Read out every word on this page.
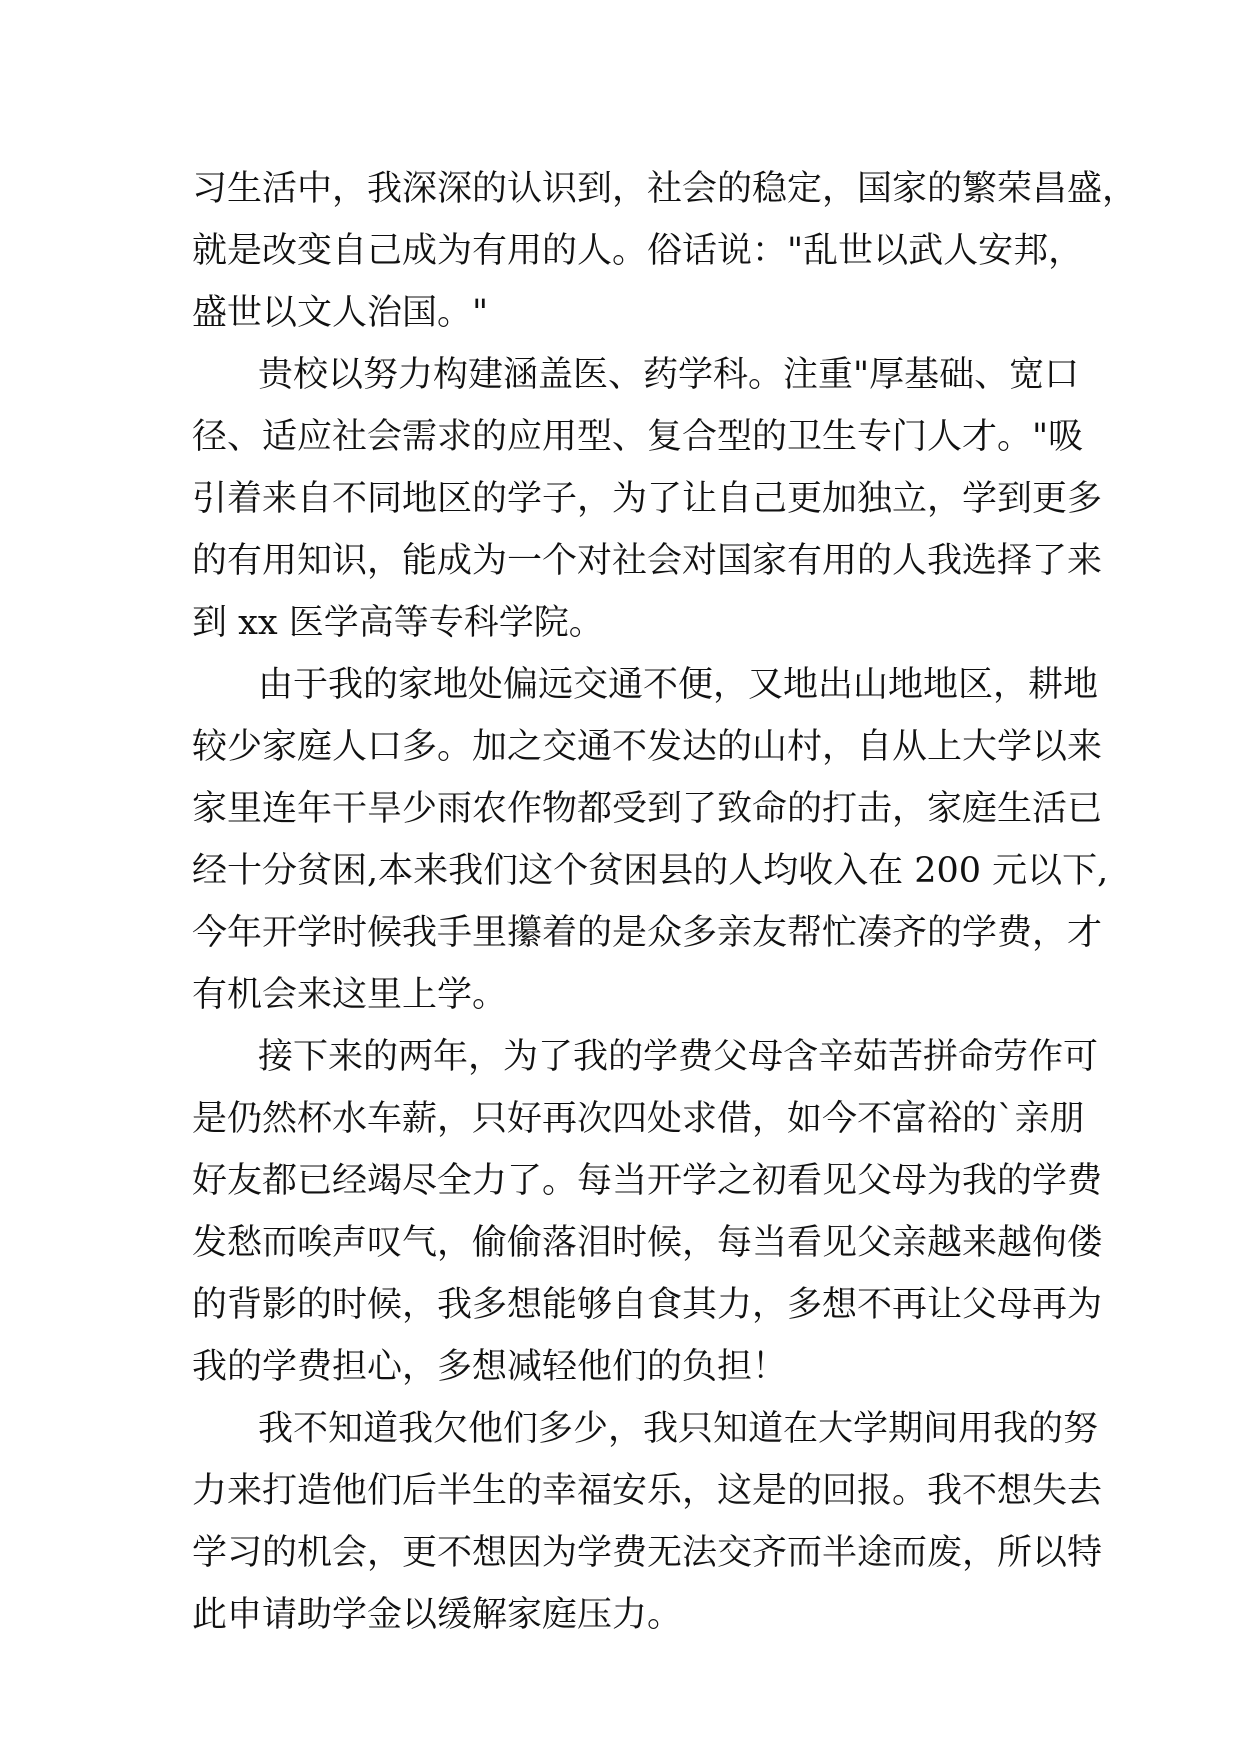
习生活中，我深深的认识到，社会的稳定，国家的繁荣昌盛，
就是改变自己成为有用的人。俗话说："乱世以武人安邦，
盛世以文人治国。"
贵校以努力构建涵盖医、药学科。注重"厚基础、宽口
径、适应社会需求的应用型、复合型的卫生专门人才。"吸
引着来自不同地区的学子，为了让自己更加独立，学到更多
的有用知识，能成为一个对社会对国家有用的人我选择了来
到 xx 医学高等专科学院。
由于我的家地处偏远交通不便，又地出山地地区，耕地
较少家庭人口多。加之交通不发达的山村，自从上大学以来
家里连年干旱少雨农作物都受到了致命的打击，家庭生活已
经十分贫困,本来我们这个贫困县的人均收入在 200 元以下,
今年开学时候我手里攥着的是众多亲友帮忙凑齐的学费，才
有机会来这里上学。
接下来的两年，为了我的学费父母含辛茹苦拼命劳作可
是仍然杯水车薪，只好再次四处求借，如今不富裕的`亲朋
好友都已经竭尽全力了。每当开学之初看见父母为我的学费
发愁而唉声叹气，偷偷落泪时候，每当看见父亲越来越佝偻
的背影的时候，我多想能够自食其力，多想不再让父母再为
我的学费担心，多想减轻他们的负担！
我不知道我欠他们多少，我只知道在大学期间用我的努
力来打造他们后半生的幸福安乐，这是的回报。我不想失去
学习的机会，更不想因为学费无法交齐而半途而废，所以特
此申请助学金以缓解家庭压力。
